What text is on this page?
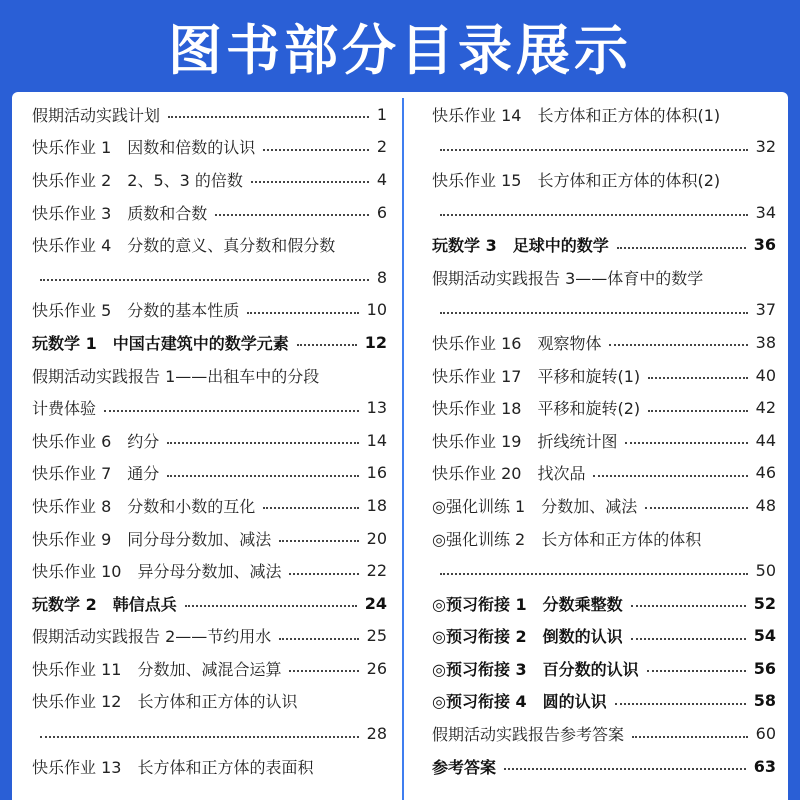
图书部分目录展示
假期活动实践计划	1
快乐作业 1　因数和倍数的认识	2
快乐作业 2　2、5、3 的倍数	4
快乐作业 3　质数和合数	6
快乐作业 4　分数的意义、真分数和假分数
8
快乐作业 5　分数的基本性质	10
玩数学 1　中国古建筑中的数学元素	12
假期活动实践报告 1——出租车中的分段
计费体验	13
快乐作业 6　约分	14
快乐作业 7　通分	16
快乐作业 8　分数和小数的互化	18
快乐作业 9　同分母分数加、减法	20
快乐作业 10　异分母分数加、减法	22
玩数学 2　韩信点兵	24
假期活动实践报告 2——节约用水	25
快乐作业 11　分数加、减混合运算	26
快乐作业 12　长方体和正方体的认识
28
快乐作业 13　长方体和正方体的表面积
快乐作业 14　长方体和正方体的体积(1)
32
快乐作业 15　长方体和正方体的体积(2)
34
玩数学 3　足球中的数学	36
假期活动实践报告 3——体育中的数学
37
快乐作业 16　观察物体	38
快乐作业 17　平移和旋转(1)	40
快乐作业 18　平移和旋转(2)	42
快乐作业 19　折线统计图	44
快乐作业 20　找次品	46
◎强化训练 1　分数加、减法	48
◎强化训练 2　长方体和正方体的体积
50
◎预习衔接 1　分数乘整数	52
◎预习衔接 2　倒数的认识	54
◎预习衔接 3　百分数的认识	56
◎预习衔接 4　圆的认识	58
假期活动实践报告参考答案	60
参考答案	63
